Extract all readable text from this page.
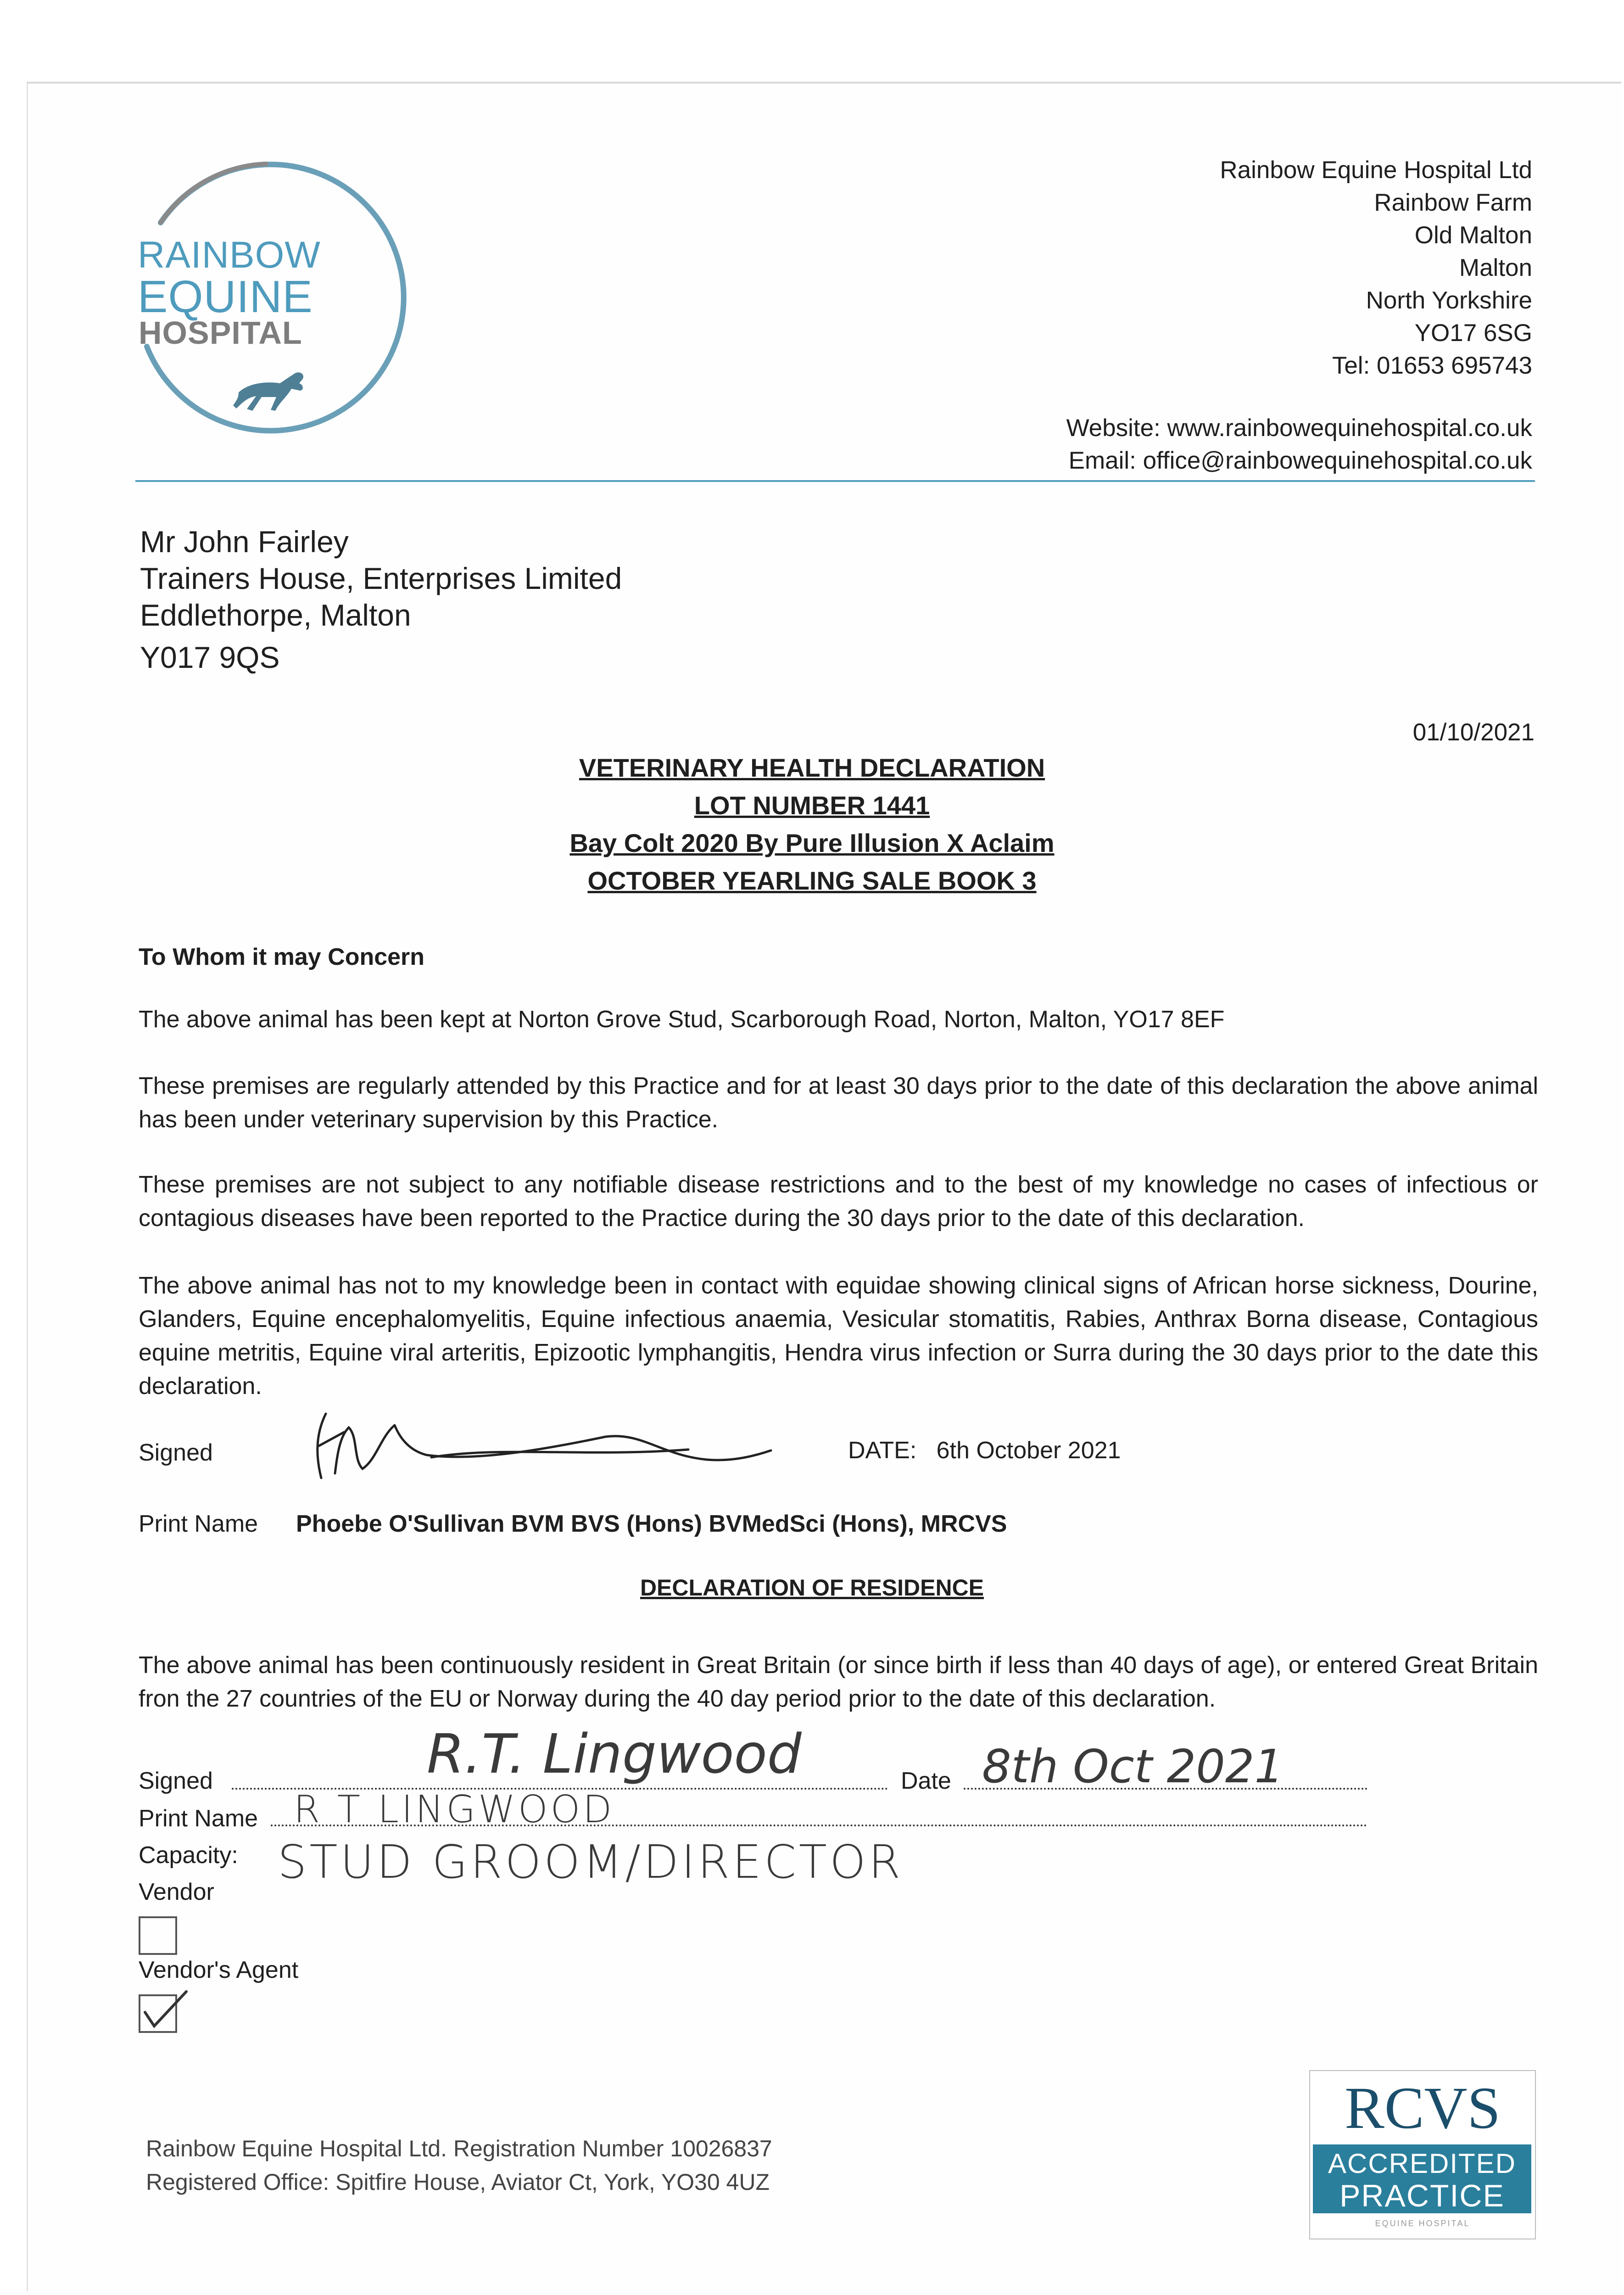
RAINBOW
EQUINE
HOSPITAL
Rainbow Equine Hospital Ltd
Rainbow Farm
Old Malton
Malton
North Yorkshire
YO17 6SG
Tel: 01653 695743
Website: www.rainbowequinehospital.co.uk
Email: office@rainbowequinehospital.co.uk
Mr John Fairley
Trainers House, Enterprises Limited
Eddlethorpe, Malton
Y017 9QS
01/10/2021
VETERINARY HEALTH DECLARATION
LOT NUMBER 1441
Bay Colt 2020 By Pure Illusion X Aclaim
OCTOBER YEARLING SALE BOOK 3
To Whom it may Concern
The above animal has been kept at Norton Grove Stud, Scarborough Road, Norton, Malton, YO17 8EF
These premises are regularly attended by this Practice and for at least 30 days prior to the date of this declaration the above animal has been under veterinary supervision by this Practice.
These premises are not subject to any notifiable disease restrictions and to the best of my knowledge no cases of infectious or contagious diseases have been reported to the Practice during the 30 days prior to the date of this declaration.
The above animal has not to my knowledge been in contact with equidae showing clinical signs of African horse sickness, Dourine, Glanders, Equine encephalomyelitis, Equine infectious anaemia, Vesicular stomatitis, Rabies, Anthrax Borna disease, Contagious equine metritis, Equine viral arteritis, Epizootic lymphangitis, Hendra virus infection or Surra during the 30 days prior to the date this declaration.
Signed	DATE: 6th October 2021
Print Name Phoebe O'Sullivan BVM BVS (Hons) BVMedSci (Hons), MRCVS
DECLARATION OF RESIDENCE
The above animal has been continuously resident in Great Britain (or since birth if less than 40 days of age), or entered Great Britain fron the 27 countries of the EU or Norway during the 40 day period prior to the date of this declaration.
Signed	R.T. Lingwood	Date 8th Oct 2021
Print Name R T LINGWOOD
Capacity: STUD GROOM/DIRECTOR
Vendor
Vendor's Agent
Rainbow Equine Hospital Ltd. Registration Number 10026837
Registered Office: Spitfire House, Aviator Ct, York, YO30 4UZ
RCVS
ACCREDITED
PRACTICE
EQUINE HOSPITAL
